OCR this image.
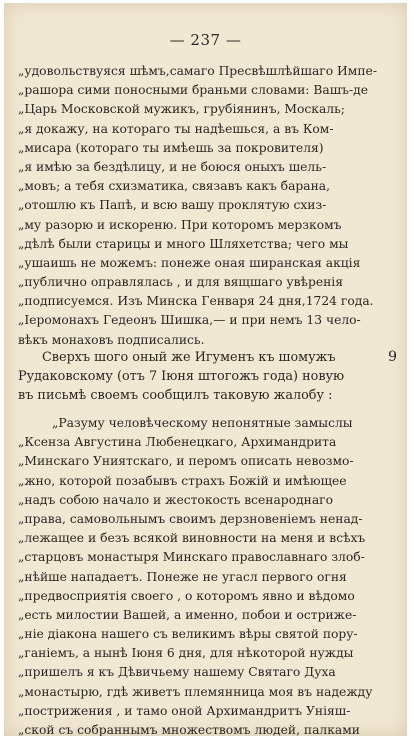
— 237 —
9
„удовольствуяся шѣмъ,самаго Пресвѣшлѣйшаго Импе-
„рашора сими поносными браньми словами: Вашъ-де
„Царь Московской мужикъ, грубіянинъ, Москаль;
„я докажу, на котораго ты надѣешься, а въ Ком-
„мисара (котораго ты имѣешь за покровителя)
„я имѣю за бездѣлицу, и не боюся оныхъ шель-
„мовъ; а тебя схизматика, связавъ какъ барана,
„отошлю къ Папѣ, и всю вашу проклятую схиз-
„му разорю и искореню. При которомъ мерзкомъ
„дѣлѣ были старицы и много Шляхетства; чего мы
„ушаишь не можемъ: понеже оная ширанская акція
„публично оправлялась , и для вящшаго увѣренія
„подписуемся. Изъ Минска Генваря 24 дня,1724 года.
„Іеромонахъ Гедеонъ Шишка,— и при немъ 13 чело-
вѣкъ монаховъ подписались.
Сверхъ шого оный же Игуменъ къ шомужъ
Рудаковскому (отъ 7 Іюня штогожъ года) новую
въ письмѣ своемъ сообщилъ таковую жалобу :
„Разуму человѣческому непонятные замыслы
„Ксенза Августина Любенецкаго, Архимандрита
„Минскаго Униятскаго, и перомъ описать невозмо-
„жно, которой позабывъ страхъ Божій и имѣющее
„надъ собою начало и жестокость всенароднаго
„права, самовольнымъ своимъ дерзновеніемъ ненад-
„лежащее и безъ всякой виновности на меня и всѣхъ
„старцовъ монастыря Минскаго православнаго злоб-
„нѣйше нападаетъ. Понеже не угасл первого огня
„предвосприятія своего , о которомъ явно и вѣдомо
„есть милостии Вашей, а именно, побои и остриже-
„ніе діакона нашего съ великимъ вѣры святой пору-
„ганіемъ, а нынѣ Іюня 6 дня, для нѣкоторой нужды
„пришелъ я къ Дѣвичьему нашему Святаго Духа
„монастырю, гдѣ живетъ племянница моя въ надежду
„пострижения , и тамо оной Архимандритъ Уніяш-
„ской съ собраннымъ множествомъ людей, палками
